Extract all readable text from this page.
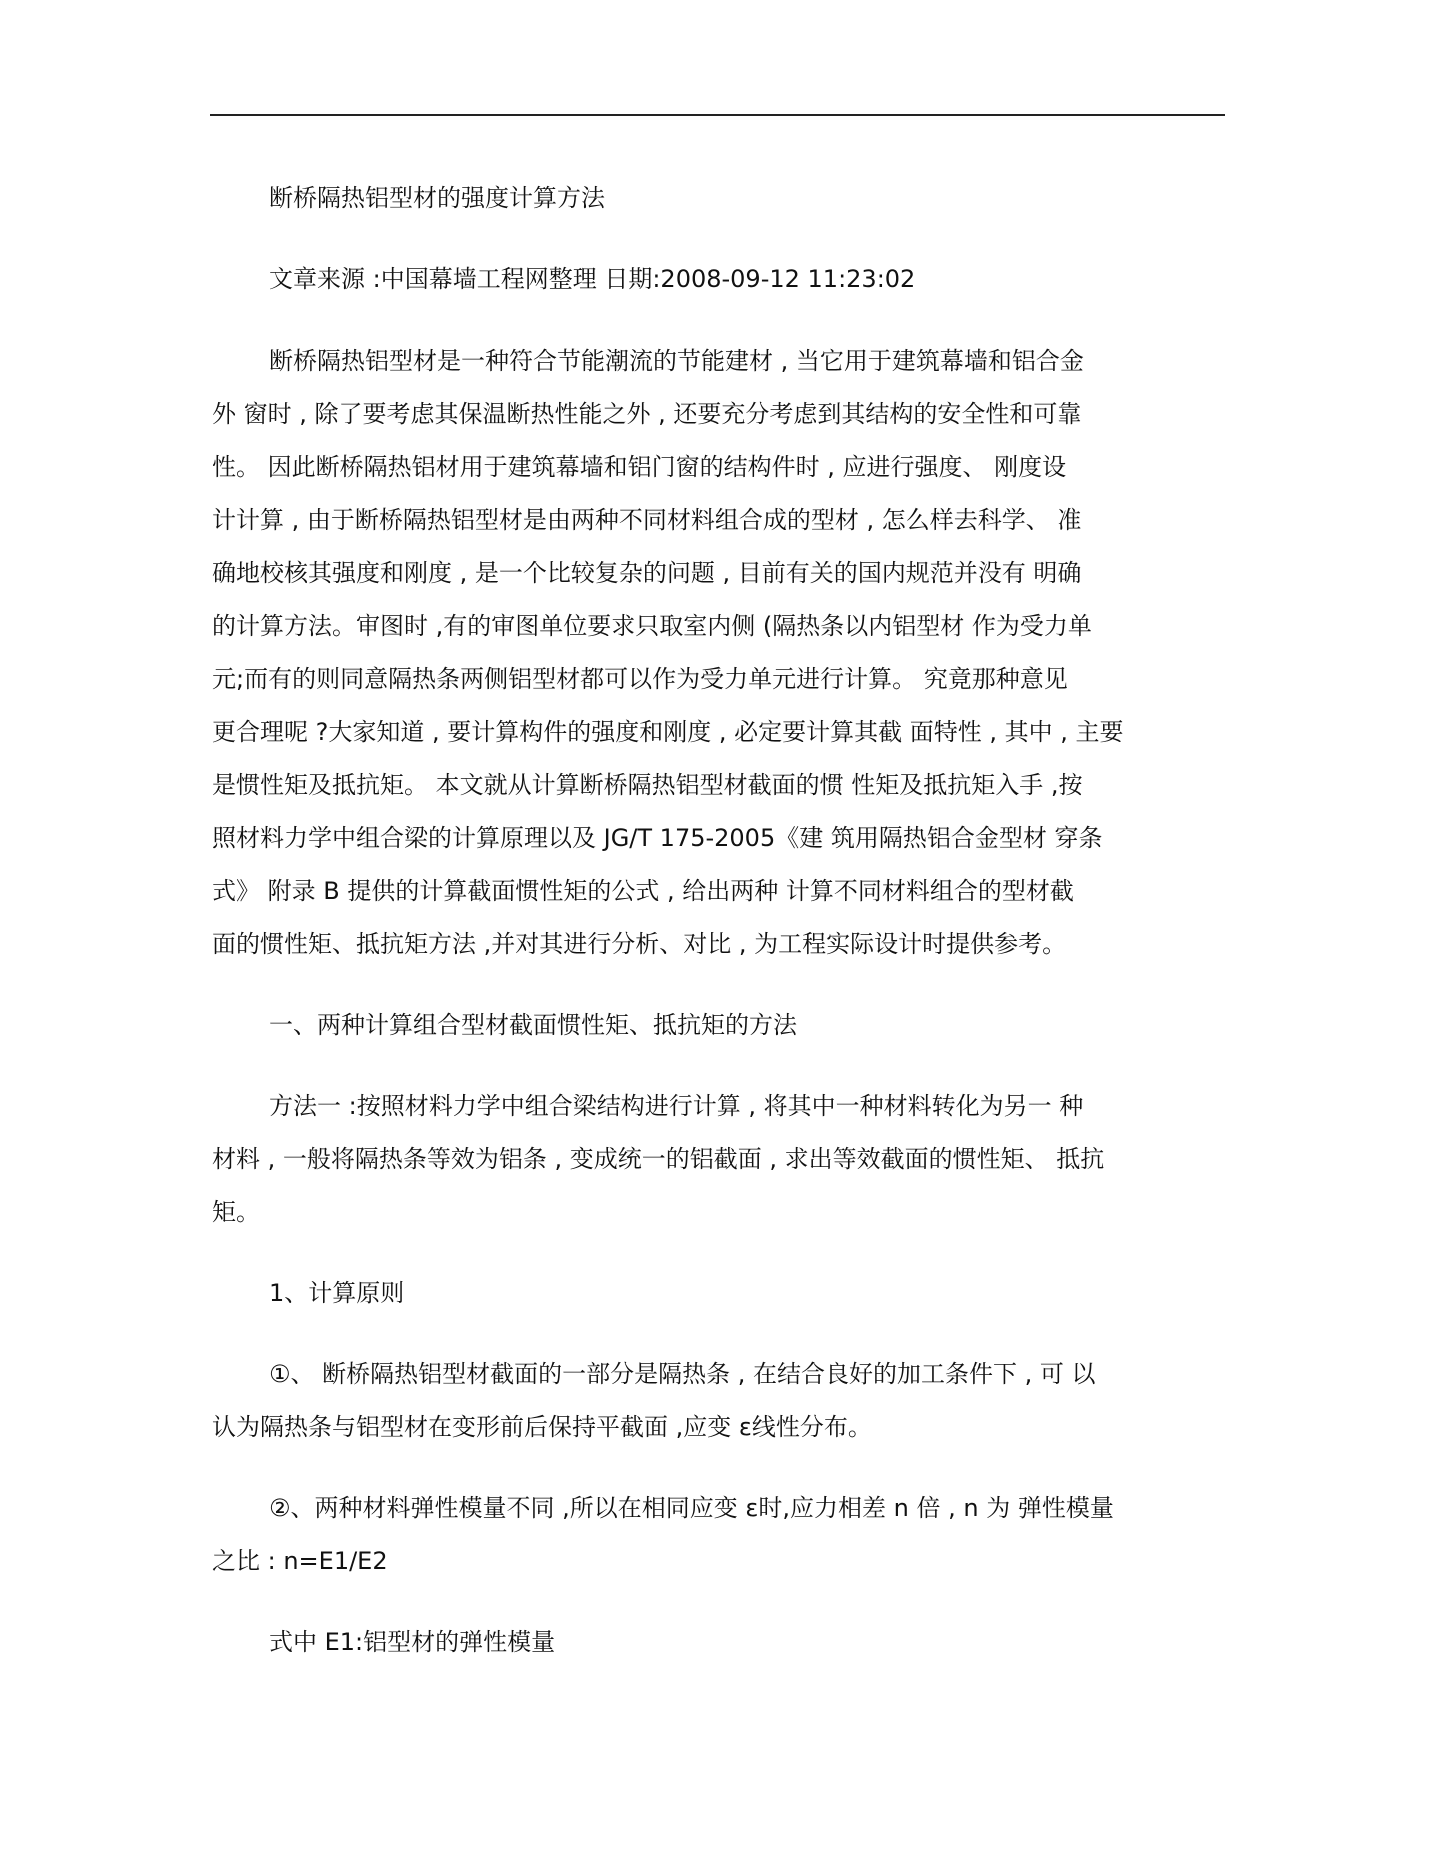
断桥隔热铝型材的强度计算方法

文章来源 :中国幕墙工程网整理 日期:2008-09-12 11:23:02

断桥隔热铝型材是一种符合节能潮流的节能建材 , 当它用于建筑幕墙和铝合金

外 窗时 , 除了要考虑其保温断热性能之外 , 还要充分考虑到其结构的安全性和可靠

性。 因此断桥隔热铝材用于建筑幕墙和铝门窗的结构件时 , 应进行强度、 刚度设

计计算 , 由于断桥隔热铝型材是由两种不同材料组合成的型材 , 怎么样去科学、 准

确地校核其强度和刚度 , 是一个比较复杂的问题 , 目前有关的国内规范并没有 明确

的计算方法。审图时 ,有的审图单位要求只取室内侧 (隔热条以内铝型材 作为受力单

元;而有的则同意隔热条两侧铝型材都可以作为受力单元进行计算。 究竟那种意见

更合理呢 ?大家知道 , 要计算构件的强度和刚度 , 必定要计算其截 面特性 , 其中 , 主要

是惯性矩及抵抗矩。 本文就从计算断桥隔热铝型材截面的惯 性矩及抵抗矩入手 ,按

照材料力学中组合梁的计算原理以及 JG/T 175-2005《建 筑用隔热铝合金型材 穿条

式》 附录 B 提供的计算截面惯性矩的公式 , 给出两种 计算不同材料组合的型材截

面的惯性矩、抵抗矩方法 ,并对其进行分析、对比 , 为工程实际设计时提供参考。

一、两种计算组合型材截面惯性矩、抵抗矩的方法

方法一 :按照材料力学中组合梁结构进行计算 , 将其中一种材料转化为另一 种

材料 , 一般将隔热条等效为铝条 , 变成统一的铝截面 , 求出等效截面的惯性矩、 抵抗

矩。

1、计算原则

①、 断桥隔热铝型材截面的一部分是隔热条 , 在结合良好的加工条件下 , 可 以

认为隔热条与铝型材在变形前后保持平截面 ,应变 ε线性分布。

②、两种材料弹性模量不同 ,所以在相同应变 ε时,应力相差 n 倍 , n 为 弹性模量

之比 : n=E1/E2

式中 E1:铝型材的弹性模量
